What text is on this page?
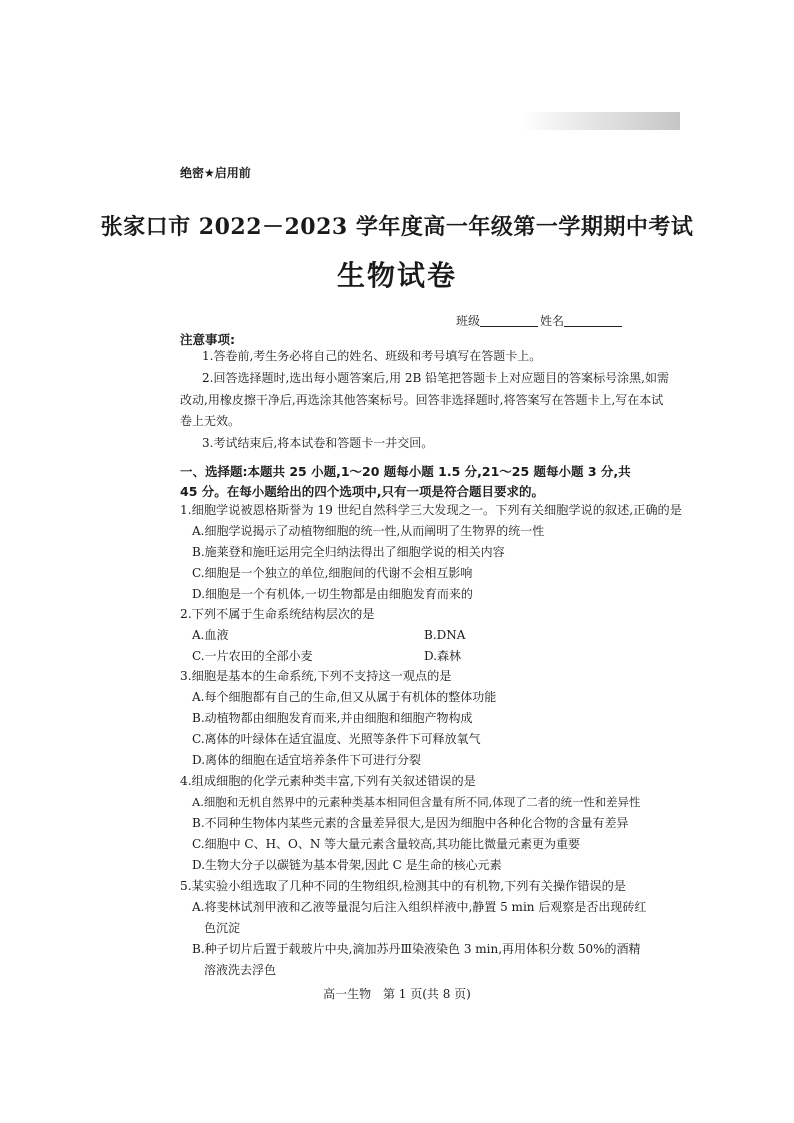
绝密★启用前
张家口市 2022－2023 学年度高一年级第一学期期中考试
生物试卷
班级	姓名
注意事项:
1.答卷前,考生务必将自己的姓名、班级和考号填写在答题卡上。
2.回答选择题时,选出每小题答案后,用 2B 铅笔把答题卡上对应题目的答案标号涂黑,如需
改动,用橡皮擦干净后,再选涂其他答案标号。回答非选择题时,将答案写在答题卡上,写在本试
卷上无效。
3.考试结束后,将本试卷和答题卡一并交回。
一、选择题:本题共 25 小题,1～20 题每小题 1.5 分,21～25 题每小题 3 分,共 45 分。在每小题给出的四个选项中,只有一项是符合题目要求的。
1.细胞学说被恩格斯誉为 19 世纪自然科学三大发现之一。下列有关细胞学说的叙述,正确的是
A.细胞学说揭示了动植物细胞的统一性,从而阐明了生物界的统一性
B.施莱登和施旺运用完全归纳法得出了细胞学说的相关内容
C.细胞是一个独立的单位,细胞间的代谢不会相互影响
D.细胞是一个有机体,一切生物都是由细胞发育而来的
2.下列不属于生命系统结构层次的是
A.血液	B.DNA
C.一片农田的全部小麦	D.森林
3.细胞是基本的生命系统,下列不支持这一观点的是
A.每个细胞都有自己的生命,但又从属于有机体的整体功能
B.动植物都由细胞发育而来,并由细胞和细胞产物构成
C.离体的叶绿体在适宜温度、光照等条件下可释放氧气
D.离体的细胞在适宜培养条件下可进行分裂
4.组成细胞的化学元素种类丰富,下列有关叙述错误的是
A.细胞和无机自然界中的元素种类基本相同但含量有所不同,体现了二者的统一性和差异性
B.不同种生物体内某些元素的含量差异很大,是因为细胞中各种化合物的含量有差异
C.细胞中 C、H、O、N 等大量元素含量较高,其功能比微量元素更为重要
D.生物大分子以碳链为基本骨架,因此 C 是生命的核心元素
5.某实验小组选取了几种不同的生物组织,检测其中的有机物,下列有关操作错误的是
A.将斐林试剂甲液和乙液等量混匀后注入组织样液中,静置 5 min 后观察是否出现砖红色沉淀
B.种子切片后置于载玻片中央,滴加苏丹Ⅲ染液染色 3 min,再用体积分数 50%的酒精溶液洗去浮色
高一生物 第 1 页(共 8 页)
